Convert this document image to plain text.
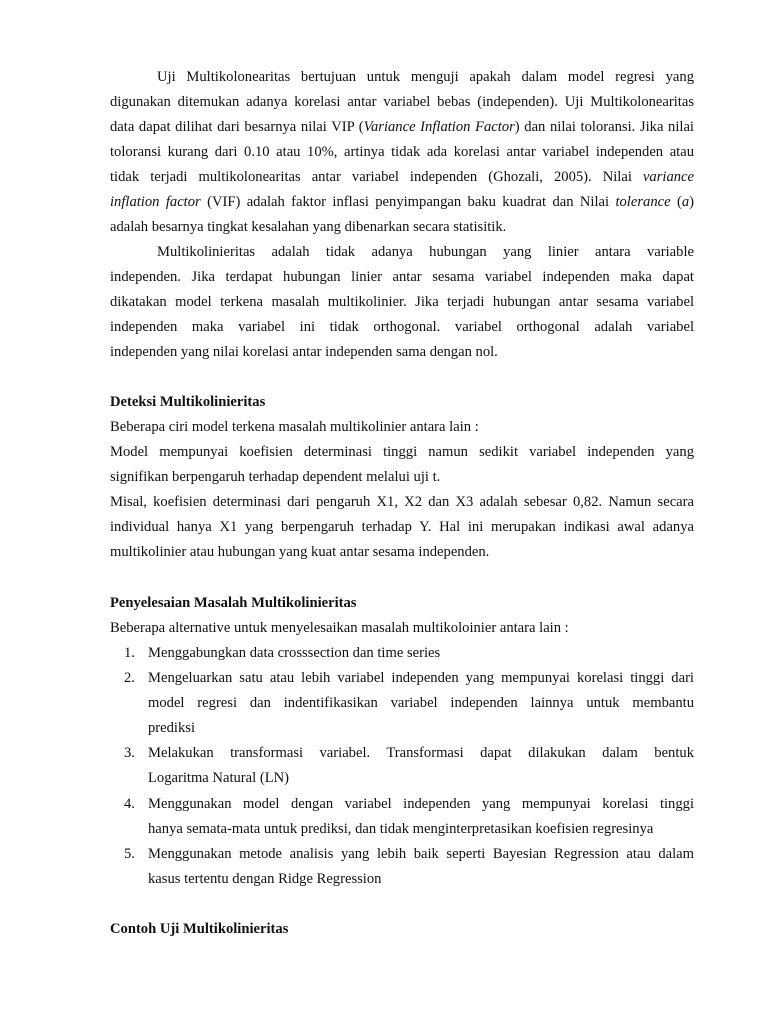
Uji Multikolonearitas bertujuan untuk menguji apakah dalam model regresi yang
digunakan ditemukan adanya korelasi antar variabel bebas (independen). Uji Multikolonearitas
data dapat dilihat dari besarnya nilai VIP (Variance Inflation Factor) dan nilai toloransi. Jika nilai
toloransi kurang dari 0.10 atau 10%, artinya tidak ada korelasi antar variabel independen atau
tidak terjadi multikolonearitas antar variabel independen (Ghozali, 2005). Nilai variance
inflation factor (VIF) adalah faktor inflasi penyimpangan baku kuadrat dan Nilai tolerance (a)
adalah besarnya tingkat kesalahan yang dibenarkan secara statisitik.
Multikolinieritas adalah tidak adanya hubungan yang linier antara variable
independen. Jika terdapat hubungan linier antar sesama variabel independen maka dapat
dikatakan model terkena masalah multikolinier. Jika terjadi hubungan antar sesama variabel
independen maka variabel ini tidak orthogonal. variabel orthogonal adalah variabel
independen yang nilai korelasi antar independen sama dengan nol.
Deteksi Multikolinieritas
Beberapa ciri model terkena masalah multikolinier antara lain :
Model mempunyai koefisien determinasi tinggi namun sedikit variabel independen yang
signifikan berpengaruh terhadap dependent melalui uji t.
Misal, koefisien determinasi dari pengaruh X1, X2 dan X3 adalah sebesar 0,82. Namun secara
individual hanya X1 yang berpengaruh terhadap Y. Hal ini merupakan indikasi awal adanya
multikolinier atau hubungan yang kuat antar sesama independen.
Penyelesaian Masalah Multikolinieritas
Beberapa alternative untuk menyelesaikan masalah multikoloinier antara lain :
1. Menggabungkan data crosssection dan time series
2. Mengeluarkan satu atau lebih variabel independen yang mempunyai korelasi tinggi dari
model regresi dan indentifikasikan variabel independen lainnya untuk membantu
prediksi
3. Melakukan transformasi variabel. Transformasi dapat dilakukan dalam bentuk
Logaritma Natural (LN)
4. Menggunakan model dengan variabel independen yang mempunyai korelasi tinggi
hanya semata-mata untuk prediksi, dan tidak menginterpretasikan koefisien regresinya
5. Menggunakan metode analisis yang lebih baik seperti Bayesian Regression atau dalam
kasus tertentu dengan Ridge Regression
Contoh Uji Multikolinieritas
